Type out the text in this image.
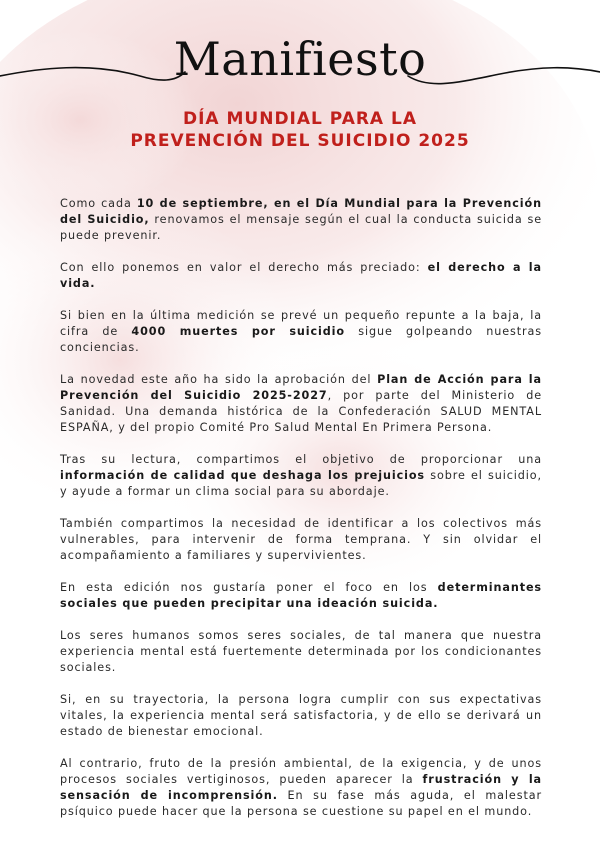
Manifiesto
DÍA MUNDIAL PARA LA
PREVENCIÓN DEL SUICIDIO 2025

Como cada 10 de septiembre, en el Día Mundial para la Prevención del Suicidio, renovamos el mensaje según el cual la conducta suicida se puede prevenir.

Con ello ponemos en valor el derecho más preciado: el derecho a la vida.

Si bien en la última medición se prevé un pequeño repunte a la baja, la cifra de 4000 muertes por suicidio sigue golpeando nuestras conciencias.

La novedad este año ha sido la aprobación del Plan de Acción para la Prevención del Suicidio 2025-2027, por parte del Ministerio de Sanidad. Una demanda histórica de la Confederación SALUD MENTAL ESPAÑA, y del propio Comité Pro Salud Mental En Primera Persona.

Tras su lectura, compartimos el objetivo de proporcionar una información de calidad que deshaga los prejuicios sobre el suicidio, y ayude a formar un clima social para su abordaje.

También compartimos la necesidad de identificar a los colectivos más vulnerables, para intervenir de forma temprana. Y sin olvidar el acompañamiento a familiares y supervivientes.

En esta edición nos gustaría poner el foco en los determinantes sociales que pueden precipitar una ideación suicida.

Los seres humanos somos seres sociales, de tal manera que nuestra experiencia mental está fuertemente determinada por los condicionantes sociales.

Si, en su trayectoria, la persona logra cumplir con sus expectativas vitales, la experiencia mental será satisfactoria, y de ello se derivará un estado de bienestar emocional.

Al contrario, fruto de la presión ambiental, de la exigencia, y de unos procesos sociales vertiginosos, pueden aparecer la frustración y la sensación de incomprensión. En su fase más aguda, el malestar psíquico puede hacer que la persona se cuestione su papel en el mundo.
